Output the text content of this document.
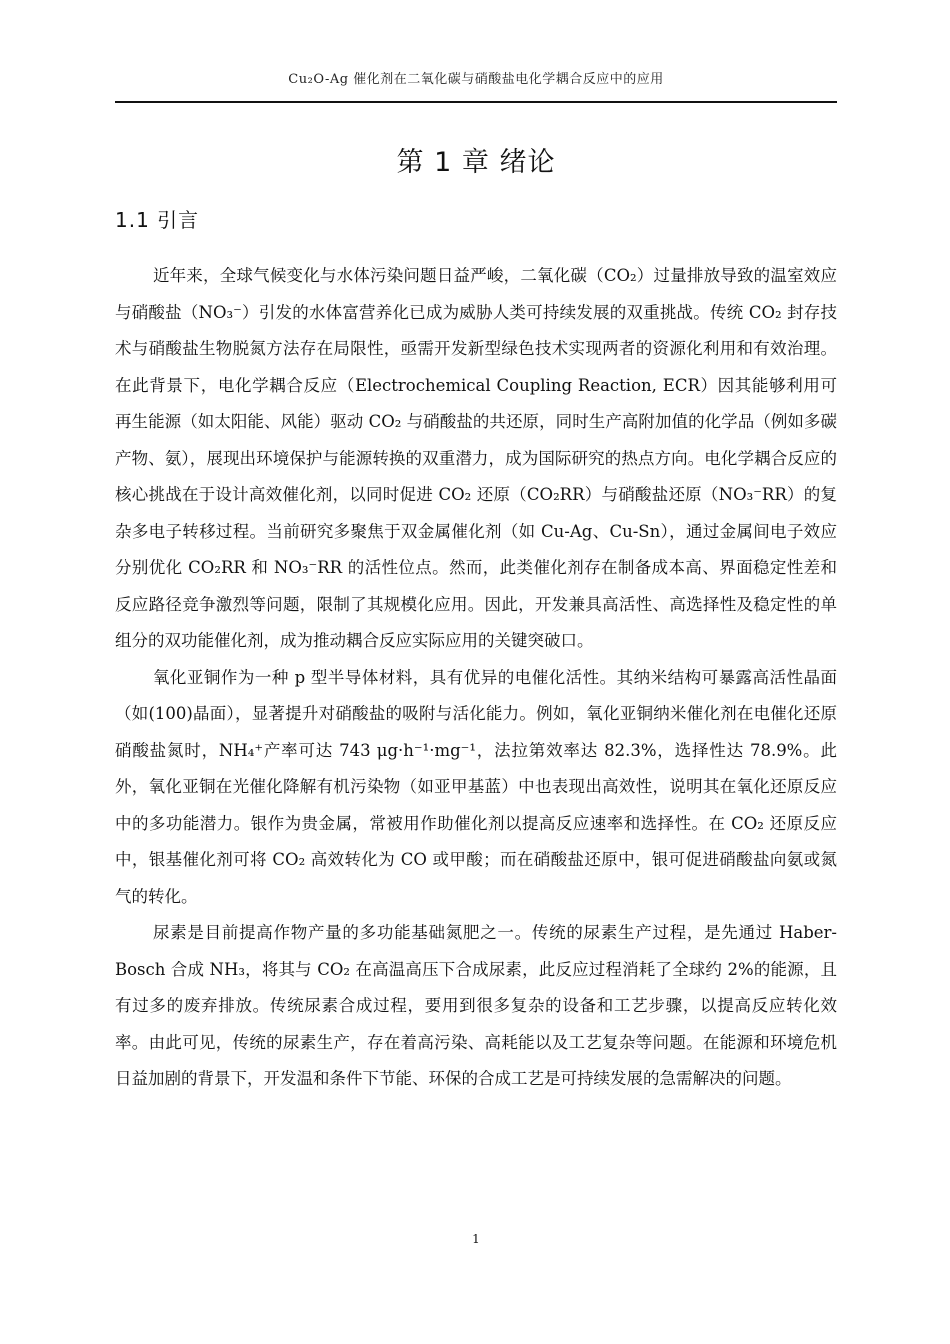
Cu₂O-Ag 催化剂在二氧化碳与硝酸盐电化学耦合反应中的应用
第 1 章 绪论
1.1 引言

近年来，全球气候变化与水体污染问题日益严峻，二氧化碳（CO₂）过量排放导致的温室效应与硝酸盐（NO₃⁻）引发的水体富营养化已成为威胁人类可持续发展的双重挑战。传统 CO₂ 封存技术与硝酸盐生物脱氮方法存在局限性，亟需开发新型绿色技术实现两者的资源化利用和有效治理。在此背景下，电化学耦合反应（Electrochemical Coupling Reaction, ECR）因其能够利用可再生能源（如太阳能、风能）驱动 CO₂ 与硝酸盐的共还原，同时生产高附加值的化学品（例如多碳产物、氨），展现出环境保护与能源转换的双重潜力，成为国际研究的热点方向。电化学耦合反应的核心挑战在于设计高效催化剂，以同时促进 CO₂ 还原（CO₂RR）与硝酸盐还原（NO₃⁻RR）的复杂多电子转移过程。当前研究多聚焦于双金属催化剂（如 Cu-Ag、Cu-Sn），通过金属间电子效应分别优化 CO₂RR 和 NO₃⁻RR 的活性位点。然而，此类催化剂存在制备成本高、界面稳定性差和反应路径竞争激烈等问题，限制了其规模化应用。因此，开发兼具高活性、高选择性及稳定性的单组分的双功能催化剂，成为推动耦合反应实际应用的关键突破口。

氧化亚铜作为一种 p 型半导体材料，具有优异的电催化活性。其纳米结构可暴露高活性晶面（如(100)晶面），显著提升对硝酸盐的吸附与活化能力。例如，氧化亚铜纳米催化剂在电催化还原硝酸盐氮时，NH₄⁺产率可达 743 μg·h⁻¹·mg⁻¹，法拉第效率达 82.3%，选择性达 78.9%。此外，氧化亚铜在光催化降解有机污染物（如亚甲基蓝）中也表现出高效性，说明其在氧化还原反应中的多功能潜力。银作为贵金属，常被用作助催化剂以提高反应速率和选择性。在 CO₂ 还原反应中，银基催化剂可将 CO₂ 高效转化为 CO 或甲酸；而在硝酸盐还原中，银可促进硝酸盐向氨或氮气的转化。

尿素是目前提高作物产量的多功能基础氮肥之一。传统的尿素生产过程，是先通过 Haber-Bosch 合成 NH₃，将其与 CO₂ 在高温高压下合成尿素，此反应过程消耗了全球约 2%的能源，且有过多的废弃排放。传统尿素合成过程，要用到很多复杂的设备和工艺步骤，以提高反应转化效率。由此可见，传统的尿素生产，存在着高污染、高耗能以及工艺复杂等问题。在能源和环境危机日益加剧的背景下，开发温和条件下节能、环保的合成工艺是可持续发展的急需解决的问题。

1
